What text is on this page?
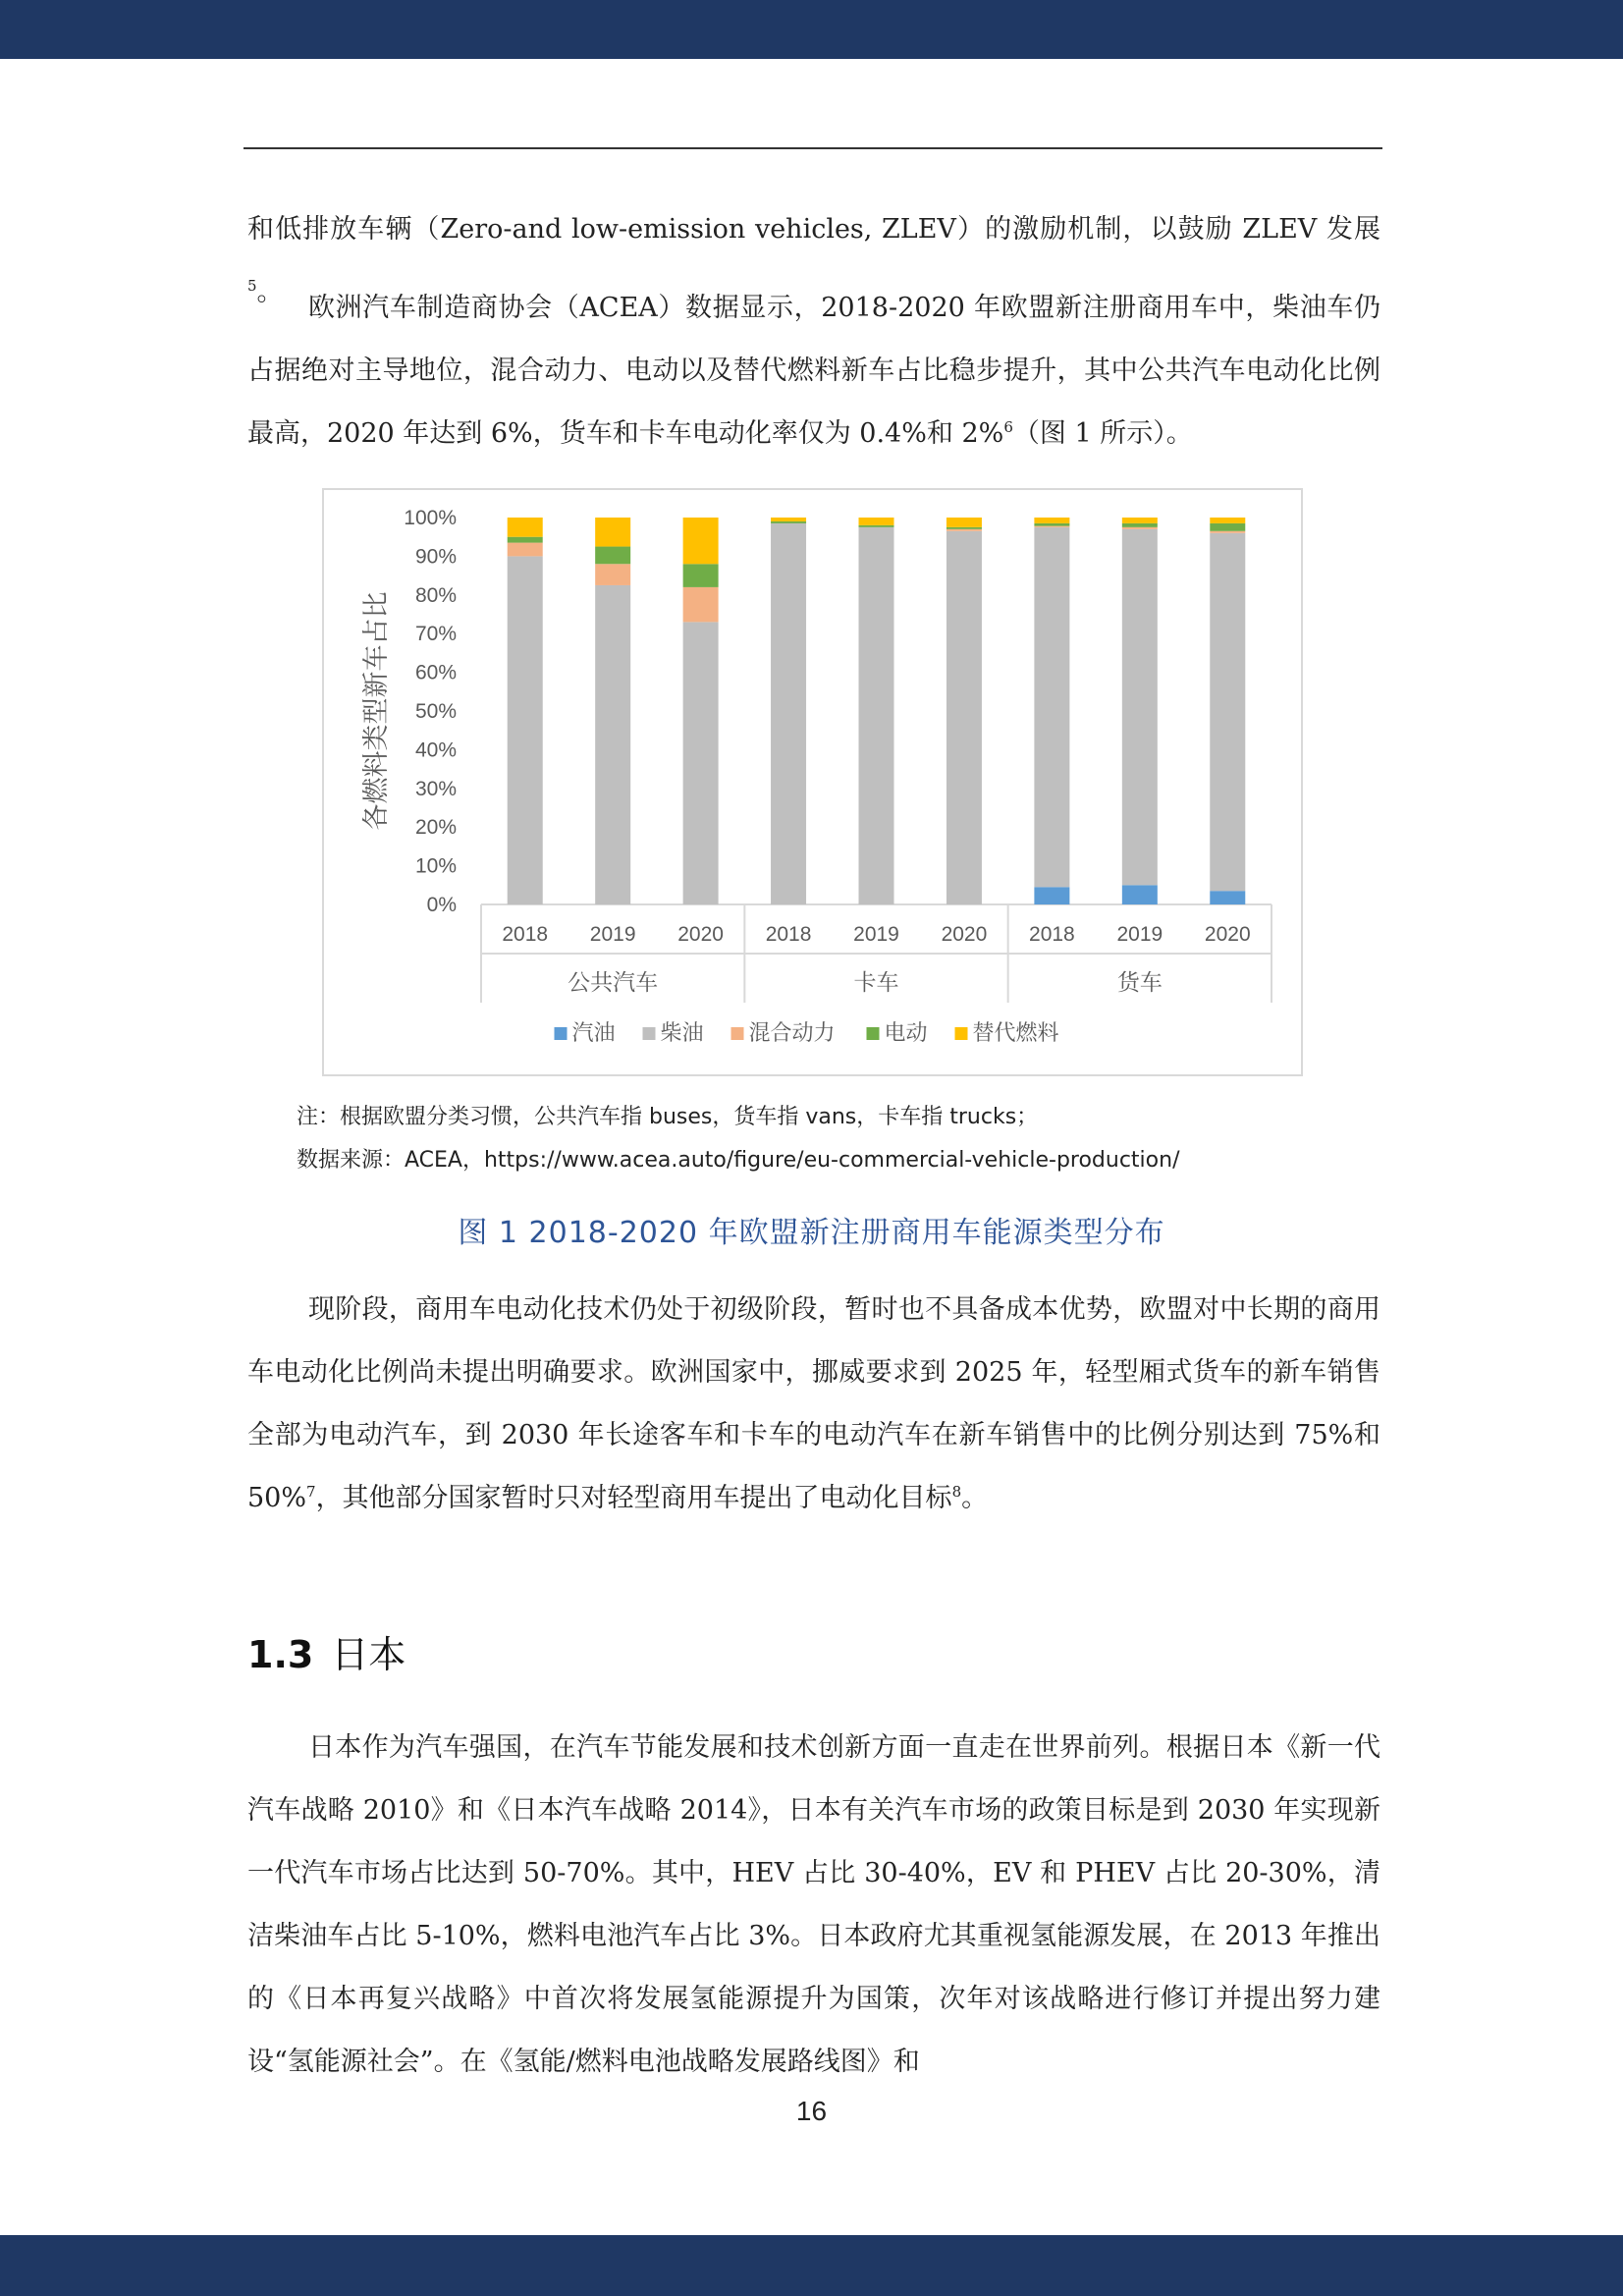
和低排放车辆（Zero-and low-emission vehicles, ZLEV）的激励机制，以鼓励 ZLEV 发展$^5$。

欧洲汽车制造商协会（ACEA）数据显示，2018-2020 年欧盟新注册商用车中，柴油车仍占据绝对主导地位，混合动力、电动以及替代燃料新车占比稳步提升，其中公共汽车电动化比例最高，2020 年达到 6%，货车和卡车电动化率仅为 0.4%和 2%$^6$（图 1 所示）。

0%
10%
20%
30%
40%
50%
60%
70%
80%
90%
100%
各燃料类型新车占比
2018 2019 2020 2018 2019 2020 2018 2019 2020
公共汽车	卡车	货车
汽油 柴油 混合动力 电动 替代燃料
注：根据欧盟分类习惯，公共汽车指 buses，货车指 vans，卡车指 trucks；
数据来源：ACEA，https://www.acea.auto/figure/eu-commercial-vehicle-production/
图 1 2018-2020 年欧盟新注册商用车能源类型分布

现阶段，商用车电动化技术仍处于初级阶段，暂时也不具备成本优势，欧盟对中长期的商用车电动化比例尚未提出明确要求。欧洲国家中，挪威要求到 2025 年，轻型厢式货车的新车销售全部为电动汽车，到 2030 年长途客车和卡车的电动汽车在新车销售中的比例分别达到 75%和 50%$^7$，其他部分国家暂时只对轻型商用车提出了电动化目标$^8$。

1.3 日本

日本作为汽车强国，在汽车节能发展和技术创新方面一直走在世界前列。根据日本《新一代汽车战略 2010》和《日本汽车战略 2014》，日本有关汽车市场的政策目标是到 2030 年实现新一代汽车市场占比达到 50-70%。其中，HEV 占比 30-40%，EV 和 PHEV 占比 20-30%，清洁柴油车占比 5-10%，燃料电池汽车占比 3%。日本政府尤其重视氢能源发展，在 2013 年推出的《日本再复兴战略》中首次将发展氢能源提升为国策，次年对该战略进行修订并提出努力建设“氢能源社会”。在《氢能/燃料电池战略发展路线图》和

16
